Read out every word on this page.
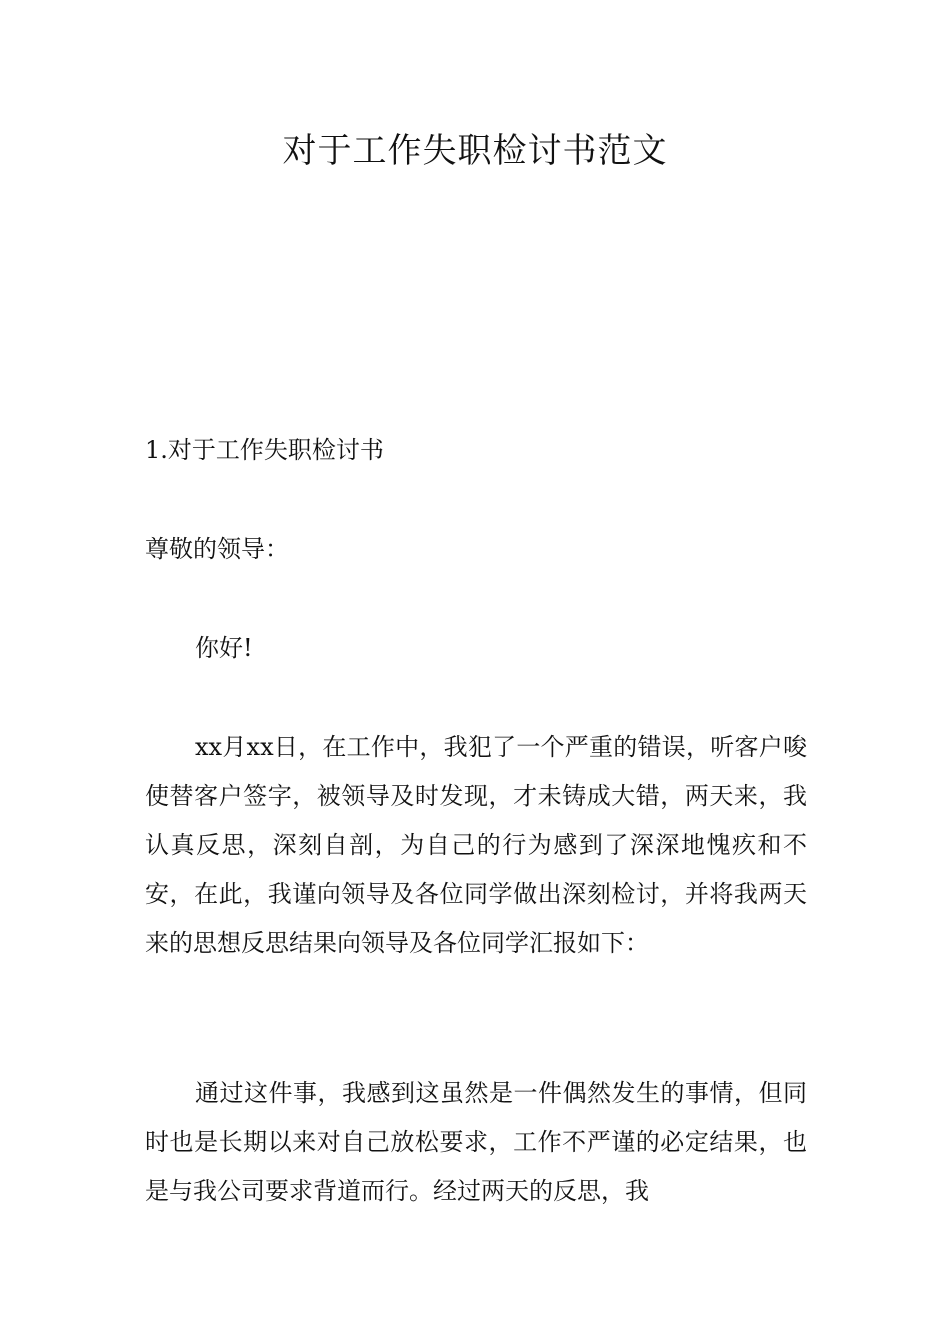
对于工作失职检讨书范文

1.对于工作失职检讨书

尊敬的领导：

你好!

xx月xx日，在工作中，我犯了一个严重的错误，听客户唆使替客户签字，被领导及时发现，才未铸成大错，两天来，我认真反思，深刻自剖，为自己的行为感到了深深地愧疚和不安，在此，我谨向领导及各位同学做出深刻检讨，并将我两天来的思想反思结果向领导及各位同学汇报如下：

通过这件事，我感到这虽然是一件偶然发生的事情，但同时也是长期以来对自己放松要求，工作不严谨的必定结果，也是与我公司要求背道而行。经过两天的反思，我
